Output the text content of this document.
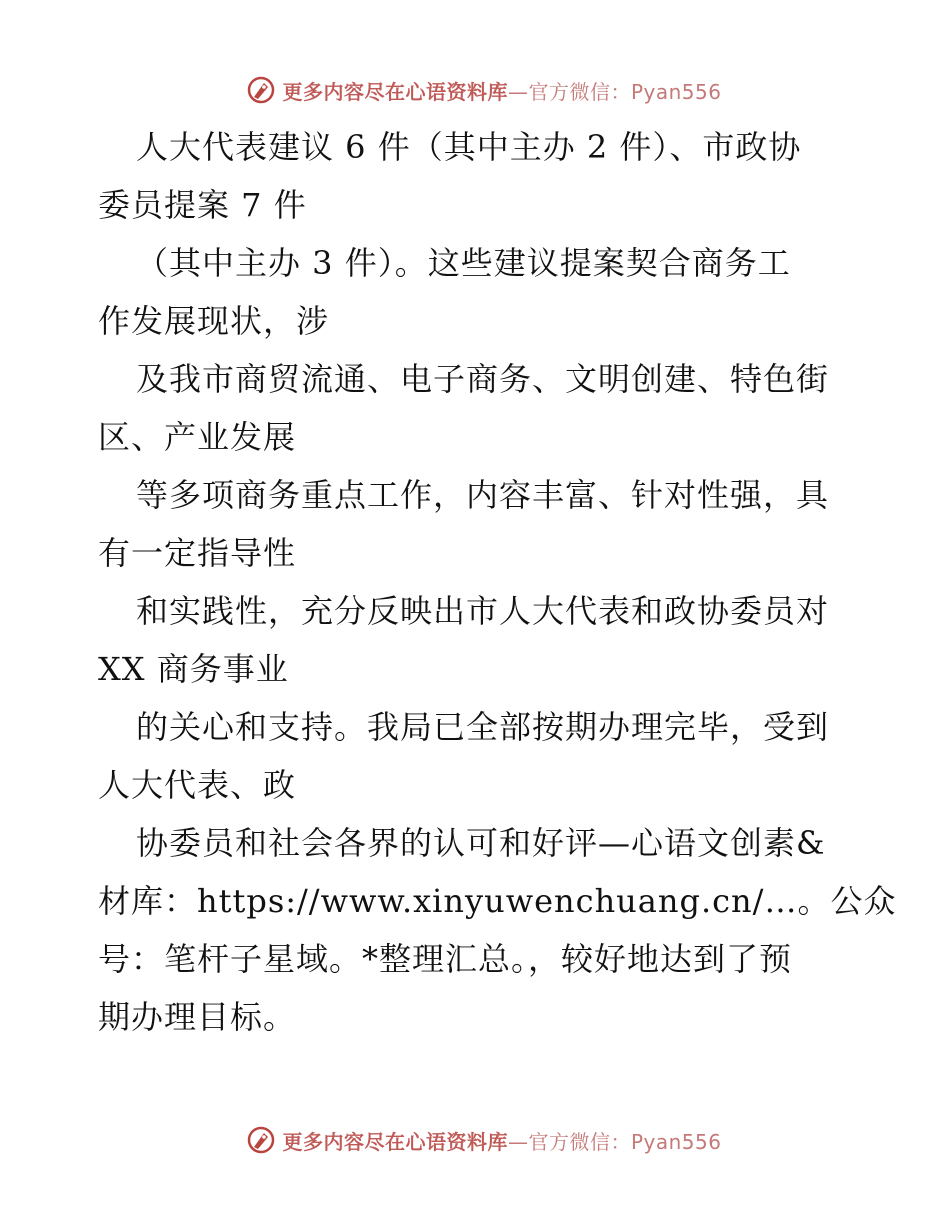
更多内容尽在心语资料库—官方微信：Pyan556
人大代表建议 6 件（其中主办 2 件）、市政协
委员提案 7 件
（其中主办 3 件）。这些建议提案契合商务工
作发展现状，涉
及我市商贸流通、电子商务、文明创建、特色街
区、产业发展
等多项商务重点工作，内容丰富、针对性强，具
有一定指导性
和实践性，充分反映出市人大代表和政协委员对
XX 商务事业
的关心和支持。我局已全部按期办理完毕，受到
人大代表、政
协委员和社会各界的认可和好评—心语文创素&
材库：https://www.xinyuwenchuang.cn/…。公众
号：笔杆子星域。*整理汇总。，较好地达到了预
期办理目标。
更多内容尽在心语资料库—官方微信：Pyan556
